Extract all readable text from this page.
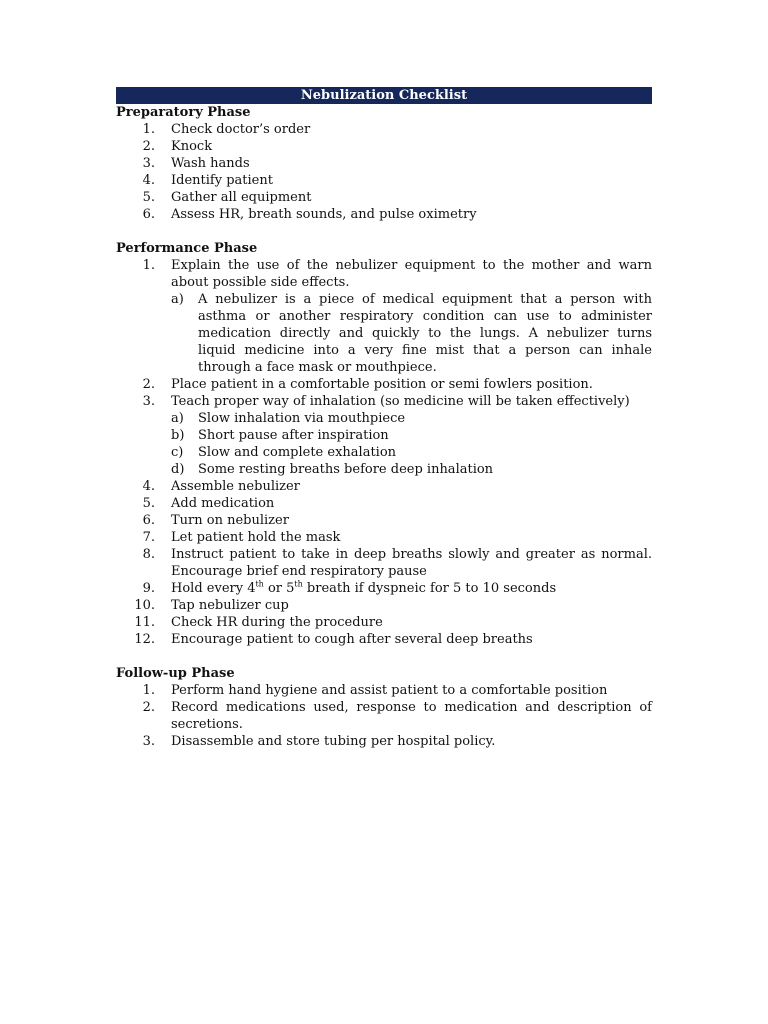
Nebulization Checklist
Preparatory Phase
1. Check doctor’s order
2. Knock
3. Wash hands
4. Identify patient
5. Gather all equipment
6. Assess HR, breath sounds, and pulse oximetry
Performance Phase
1. Explain the use of the nebulizer equipment to the mother and warn about possible side effects.
a) A nebulizer is a piece of medical equipment that a person with asthma or another respiratory condition can use to administer medication directly and quickly to the lungs. A nebulizer turns liquid medicine into a very fine mist that a person can inhale through a face mask or mouthpiece.
2. Place patient in a comfortable position or semi fowlers position.
3. Teach proper way of inhalation (so medicine will be taken effectively)
a) Slow inhalation via mouthpiece
b) Short pause after inspiration
c) Slow and complete exhalation
d) Some resting breaths before deep inhalation
4. Assemble nebulizer
5. Add medication
6. Turn on nebulizer
7. Let patient hold the mask
8. Instruct patient to take in deep breaths slowly and greater as normal. Encourage brief end respiratory pause
9. Hold every 4th or 5th breath if dyspneic for 5 to 10 seconds
10. Tap nebulizer cup
11. Check HR during the procedure
12. Encourage patient to cough after several deep breaths
Follow-up Phase
1. Perform hand hygiene and assist patient to a comfortable position
2. Record medications used, response to medication and description of secretions.
3. Disassemble and store tubing per hospital policy.
